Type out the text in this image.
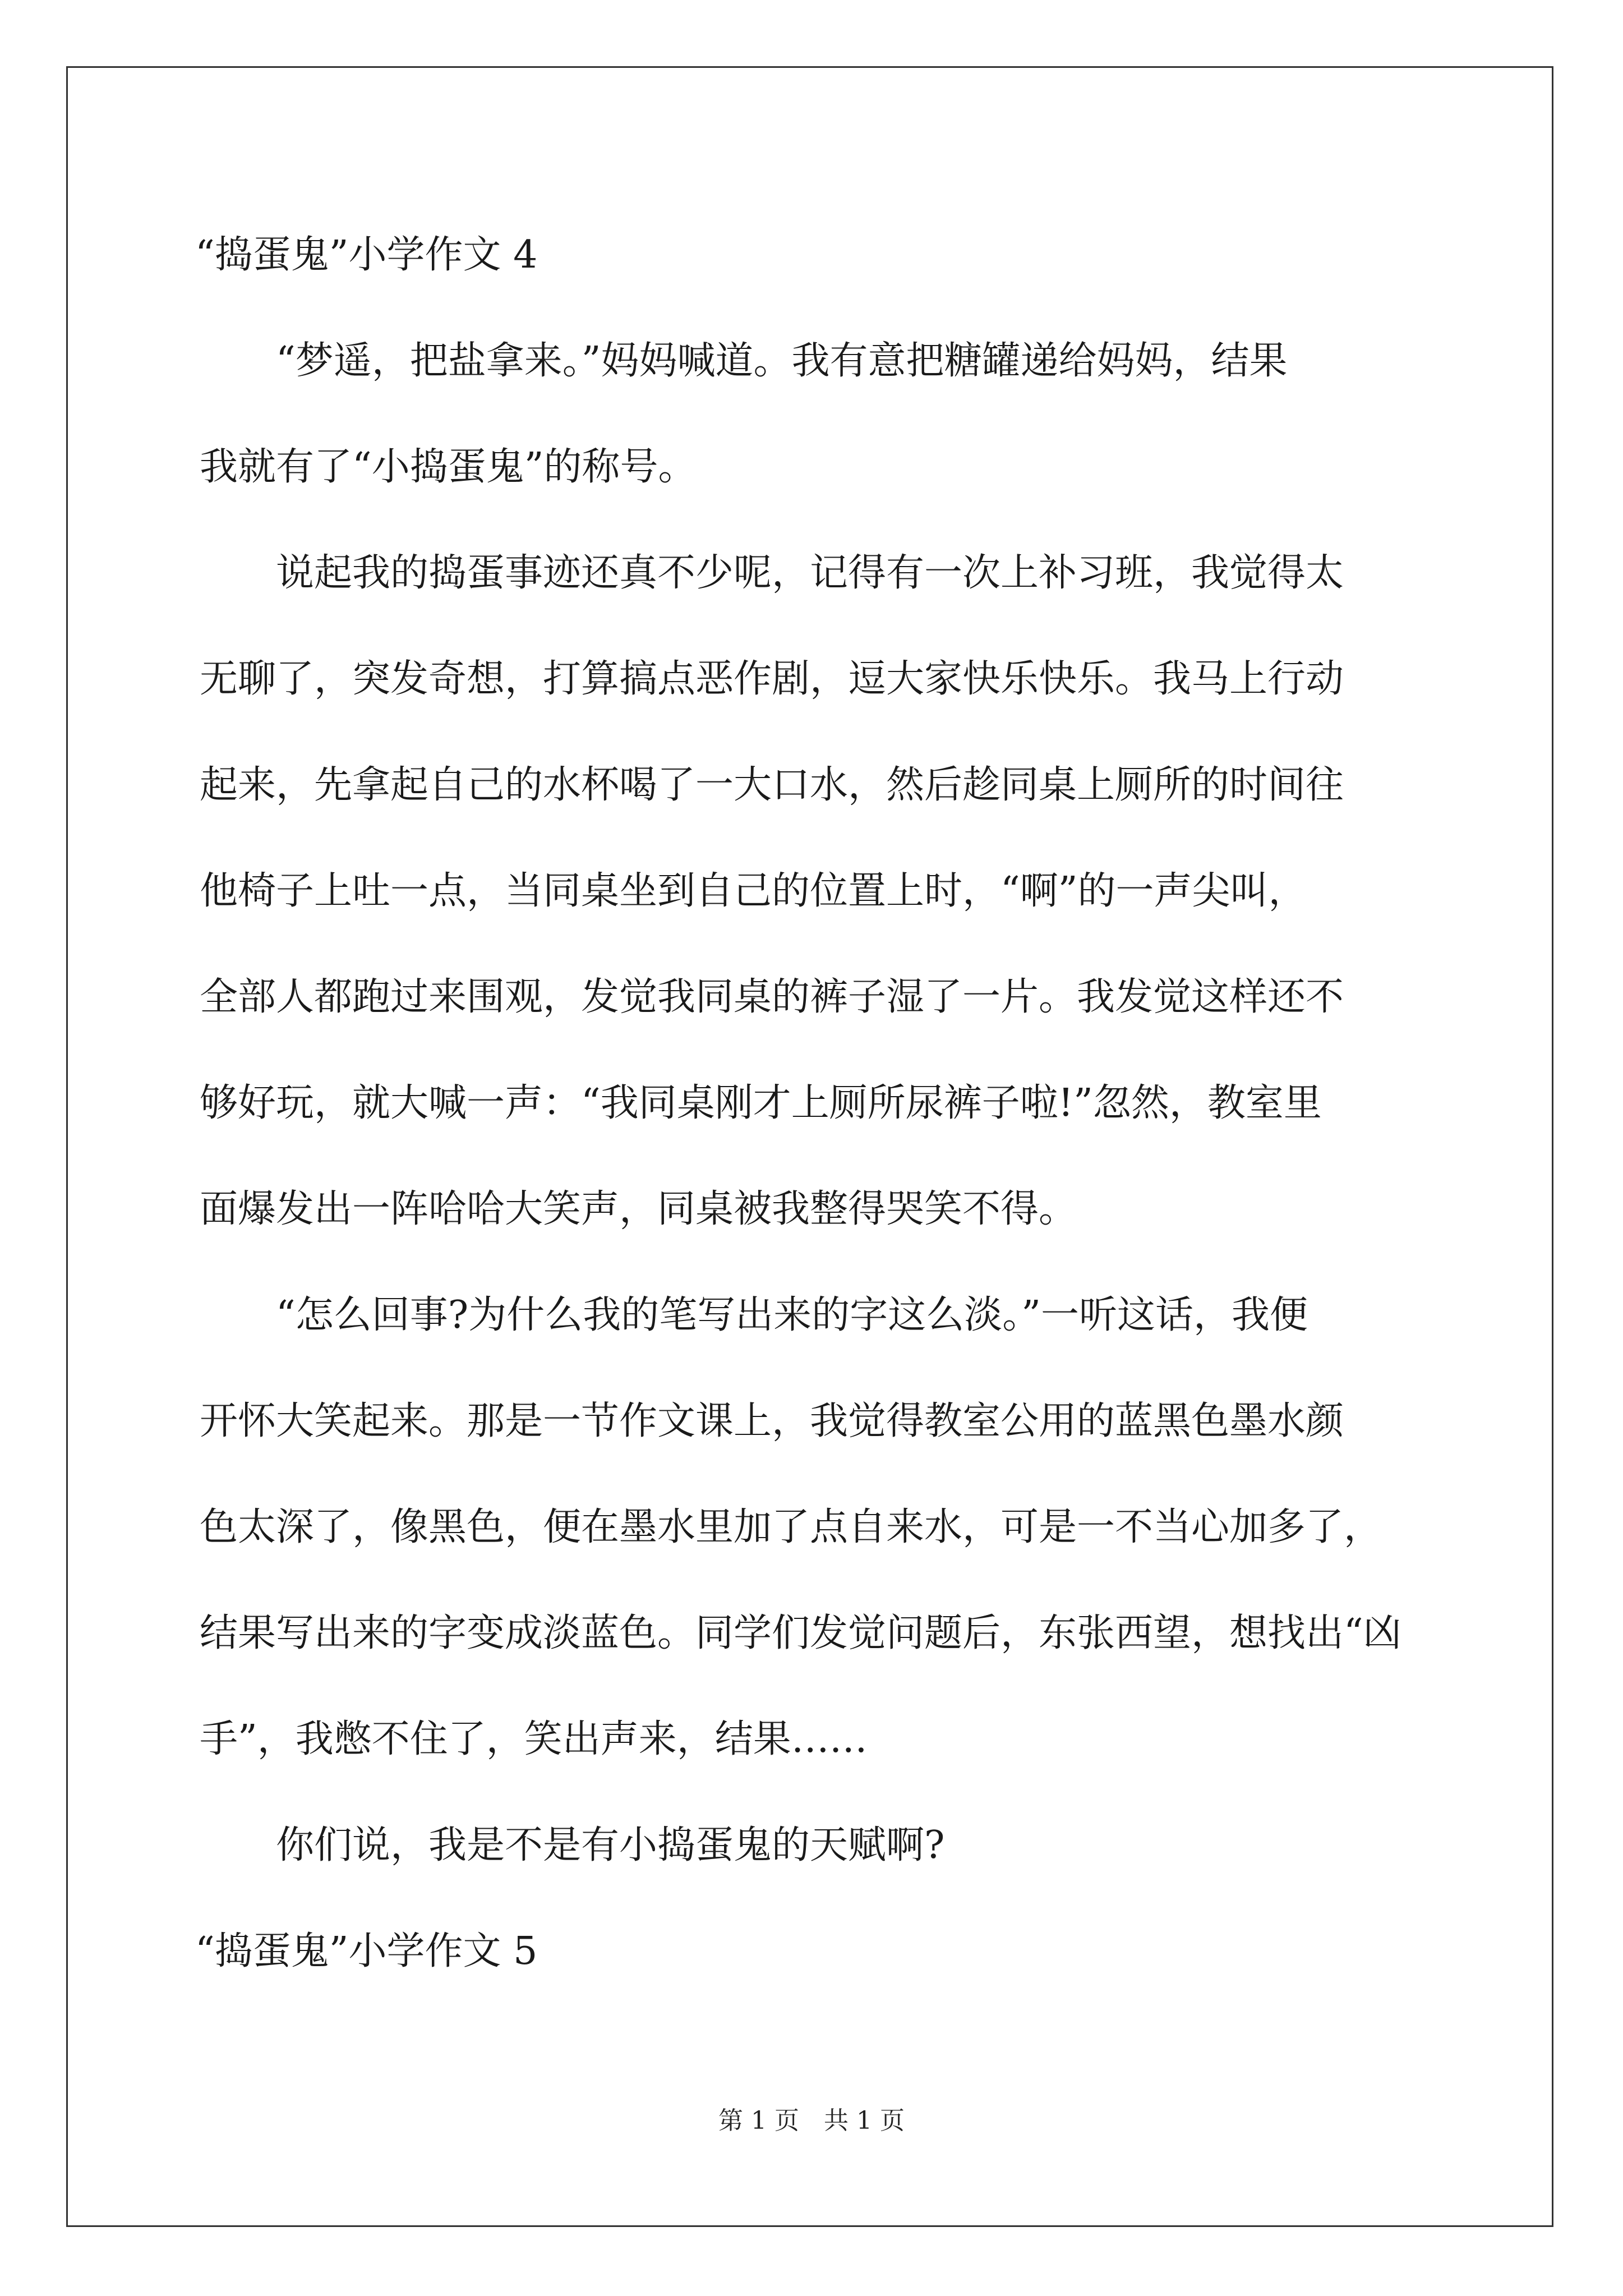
“捣蛋鬼”小学作文 4
“梦遥，把盐拿来。”妈妈喊道。我有意把糖罐递给妈妈，结果
我就有了“小捣蛋鬼”的称号。
说起我的捣蛋事迹还真不少呢，记得有一次上补习班，我觉得太
无聊了，突发奇想，打算搞点恶作剧，逗大家快乐快乐。我马上行动
起来，先拿起自己的水杯喝了一大口水，然后趁同桌上厕所的时间往
他椅子上吐一点，当同桌坐到自己的位置上时，“啊”的一声尖叫，
全部人都跑过来围观，发觉我同桌的裤子湿了一片。我发觉这样还不
够好玩，就大喊一声：“我同桌刚才上厕所尿裤子啦!”忽然，教室里
面爆发出一阵哈哈大笑声，同桌被我整得哭笑不得。
“怎么回事?为什么我的笔写出来的字这么淡。”一听这话，我便
开怀大笑起来。那是一节作文课上，我觉得教室公用的蓝黑色墨水颜
色太深了，像黑色，便在墨水里加了点自来水，可是一不当心加多了，
结果写出来的字变成淡蓝色。同学们发觉问题后，东张西望，想找出“凶
手”，我憋不住了，笑出声来，结果……
你们说，我是不是有小捣蛋鬼的天赋啊?
“捣蛋鬼”小学作文 5
第 1 页　共 1 页
